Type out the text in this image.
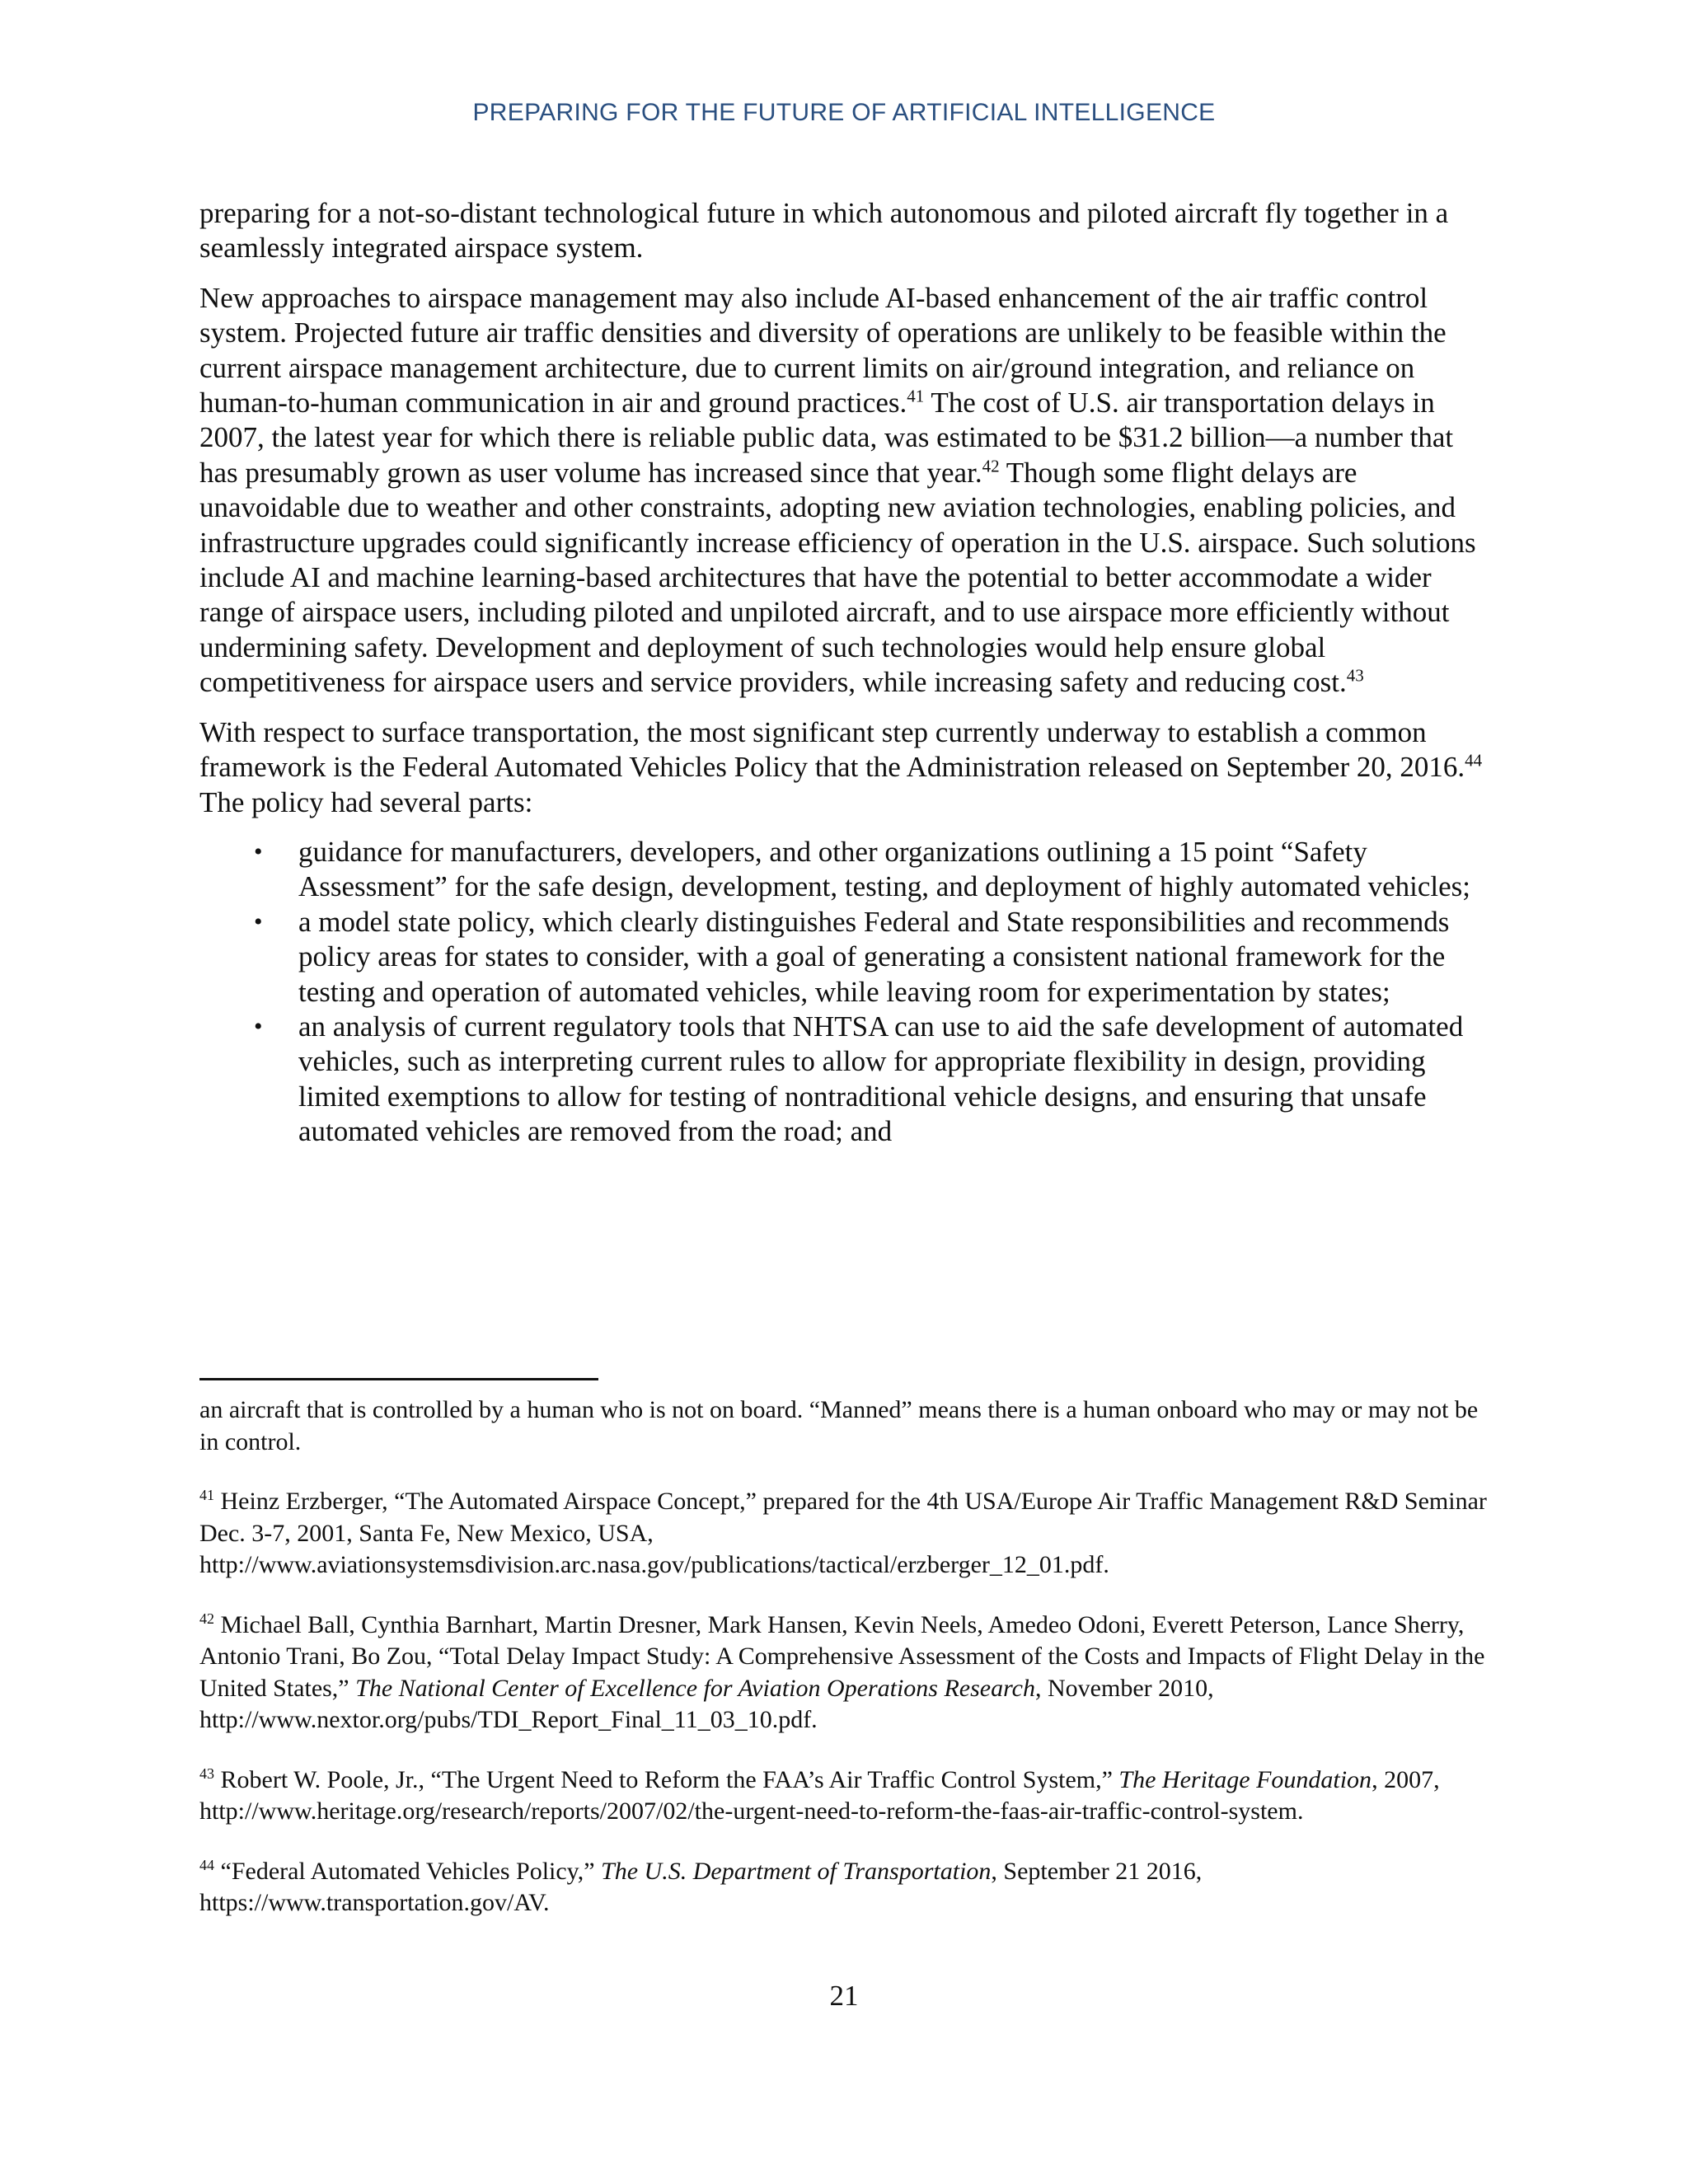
PREPARING FOR THE FUTURE OF ARTIFICIAL INTELLIGENCE

preparing for a not-so-distant technological future in which autonomous and piloted aircraft fly together in a seamlessly integrated airspace system.

New approaches to airspace management may also include AI-based enhancement of the air traffic control system. Projected future air traffic densities and diversity of operations are unlikely to be feasible within the current airspace management architecture, due to current limits on air/ground integration, and reliance on human-to-human communication in air and ground practices.$^{41}$ The cost of U.S. air transportation delays in 2007, the latest year for which there is reliable public data, was estimated to be $31.2 billion—a number that has presumably grown as user volume has increased since that year.$^{42}$ Though some flight delays are unavoidable due to weather and other constraints, adopting new aviation technologies, enabling policies, and infrastructure upgrades could significantly increase efficiency of operation in the U.S. airspace. Such solutions include AI and machine learning-based architectures that have the potential to better accommodate a wider range of airspace users, including piloted and unpiloted aircraft, and to use airspace more efficiently without undermining safety. Development and deployment of such technologies would help ensure global competitiveness for airspace users and service providers, while increasing safety and reducing cost.$^{43}$

With respect to surface transportation, the most significant step currently underway to establish a common framework is the Federal Automated Vehicles Policy that the Administration released on September 20, 2016.44 The policy had several parts:

• guidance for manufacturers, developers, and other organizations outlining a 15 point “Safety Assessment” for the safe design, development, testing, and deployment of highly automated vehicles;
• a model state policy, which clearly distinguishes Federal and State responsibilities and recommends policy areas for states to consider, with a goal of generating a consistent national framework for the testing and operation of automated vehicles, while leaving room for experimentation by states;
• an analysis of current regulatory tools that NHTSA can use to aid the safe development of automated vehicles, such as interpreting current rules to allow for appropriate flexibility in design, providing limited exemptions to allow for testing of nontraditional vehicle designs, and ensuring that unsafe automated vehicles are removed from the road; and

an aircraft that is controlled by a human who is not on board. “Manned” means there is a human onboard who may or may not be in control.

$^{41}$ Heinz Erzberger, “The Automated Airspace Concept,” prepared for the 4th USA/Europe Air Traffic Management R&D Seminar Dec. 3-7, 2001, Santa Fe, New Mexico, USA,
http://www.aviationsystemsdivision.arc.nasa.gov/publications/tactical/erzberger_12_01.pdf.

$^{42}$ Michael Ball, Cynthia Barnhart, Martin Dresner, Mark Hansen, Kevin Neels, Amedeo Odoni, Everett Peterson, Lance Sherry, Antonio Trani, Bo Zou, “Total Delay Impact Study: A Comprehensive Assessment of the Costs and Impacts of Flight Delay in the United States,” The National Center of Excellence for Aviation Operations Research, November 2010, http://www.nextor.org/pubs/TDI_Report_Final_11_03_10.pdf.

$^{43}$ Robert W. Poole, Jr., “The Urgent Need to Reform the FAA’s Air Traffic Control System,” The Heritage Foundation, 2007, http://www.heritage.org/research/reports/2007/02/the-urgent-need-to-reform-the-faas-air-traffic-control-system.

$^{44}$ “Federal Automated Vehicles Policy,” The U.S. Department of Transportation, September 21 2016, https://www.transportation.gov/AV.

21
